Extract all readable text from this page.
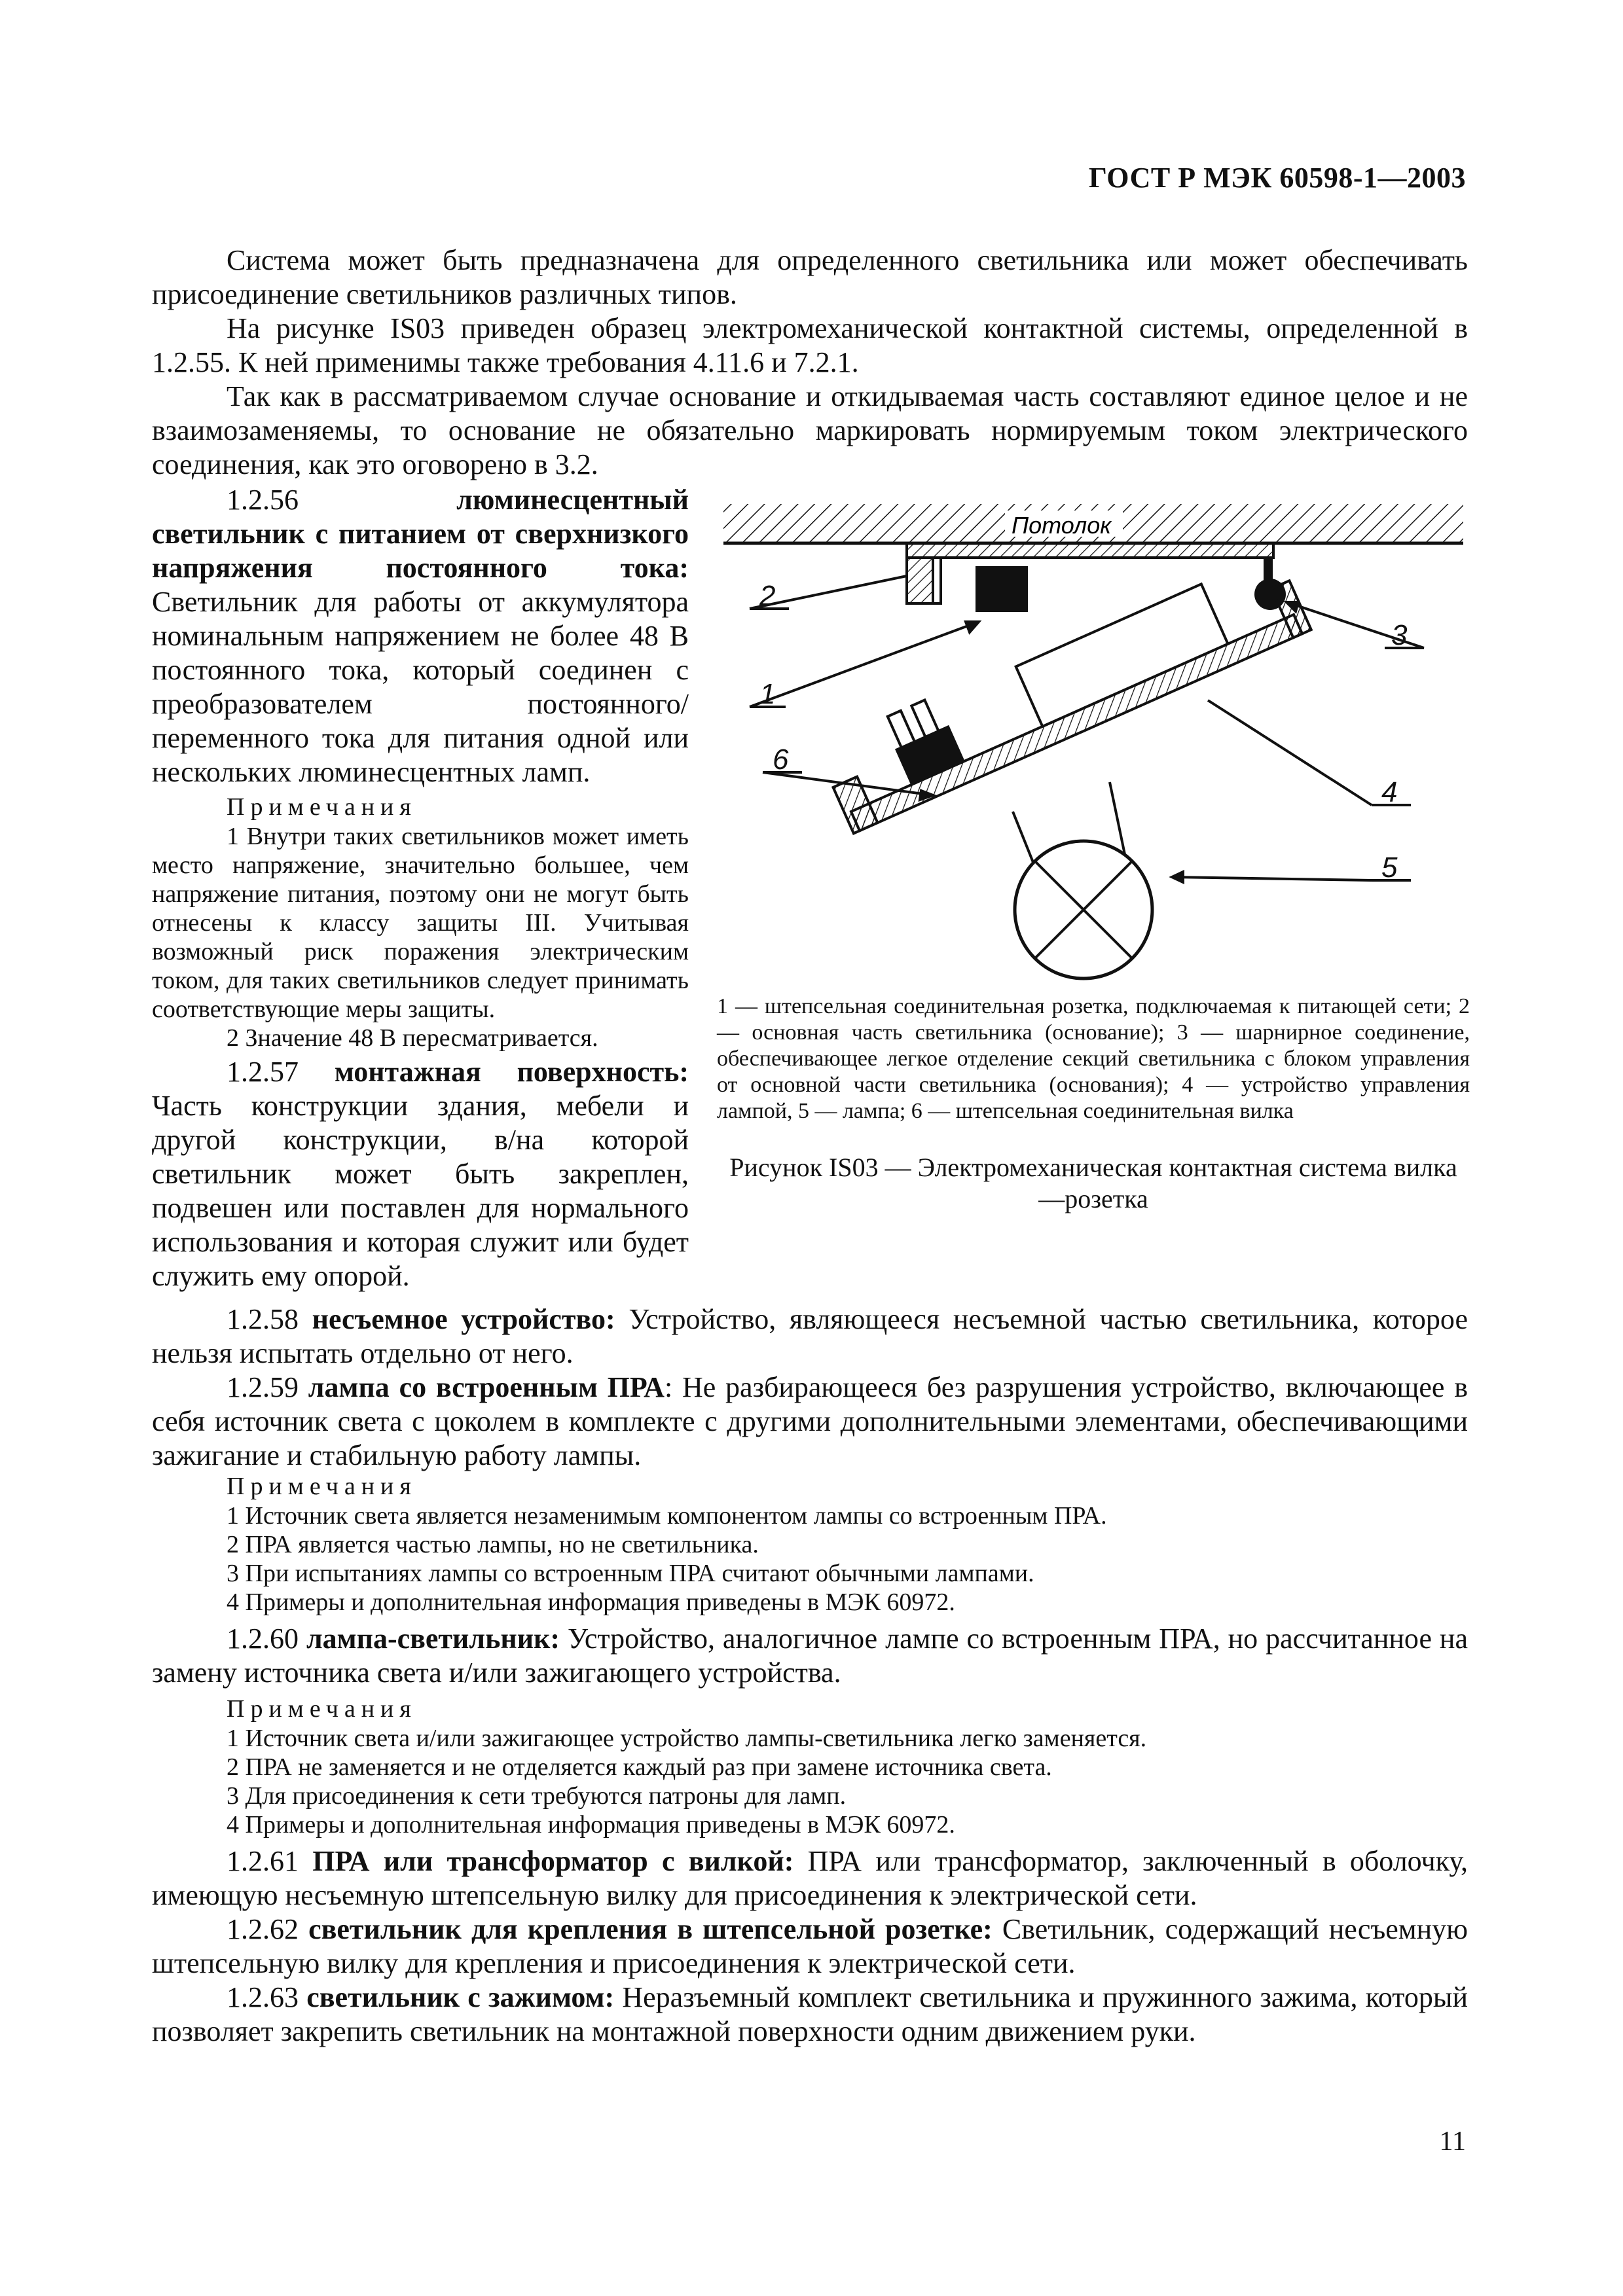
ГОСТ Р МЭК 60598-1—2003

Система может быть предназначена для определенного светильника или может обеспечивать присоединение светильников различных типов.

На рисунке IS03 приведен образец электромеханической контактной системы, определенной в 1.2.55. К ней применимы также требования 4.11.6 и 7.2.1.

Так как в рассматриваемом случае основание и откидываемая часть составляют единое целое и не взаимозаменяемы, то основание не обязательно маркировать нормируемым током электрического соединения, как это оговорено в 3.2.

1.2.56	люминесцентный светильник с питанием от сверхнизкого напряжения постоянного тока: Светильник для работы от аккумулятора номинальным напряжением не более 48 В постоянного тока, который соединен с преобразователем постоянного/переменного тока для питания одной или нескольких люминесцентных ламп.

Примечания

1 Внутри таких светильников может иметь место напряжение, значительно большее, чем напряжение питания, поэтому они не могут быть отнесены к классу защиты III. Учитывая возможный риск поражения электрическим током, для таких светильников следует принимать соответствующие меры защиты.

2 Значение 48 В пересматривается.

1.2.57 монтажная поверхность: Часть конструкции здания, мебели и другой конструкции, в/на которой светильник может быть закреплен, подвешен или поставлен для нормального использования и которая служит или будет служить ему опорой.

Потолок
1
2
3
4
5
6

1 — штепсельная соединительная розетка, подключаемая к питающей сети; 2 — основная часть светильника (основание); 3 — шарнирное соединение, обеспечивающее легкое отделение секций светильника с блоком управления от основной части светильника (основания); 4 — устройство управления лампой, 5 — лампа; 6 — штепсельная соединительная вилка

Рисунок IS03 — Электромеханическая контактная система вилка—розетка

1.2.58 несъемное устройство: Устройство, являющееся несъемной частью светильника, которое нельзя испытать отдельно от него.

1.2.59 лампа со встроенным ПРА: Не разбирающееся без разрушения устройство, включающее в себя источник света с цоколем в комплекте с другими дополнительными элементами, обеспечивающими зажигание и стабильную работу лампы.

Примечания

1 Источник света является незаменимым компонентом лампы со встроенным ПРА.

2 ПРА является частью лампы, но не светильника.

3 При испытаниях лампы со встроенным ПРА считают обычными лампами.

4 Примеры и дополнительная информация приведены в МЭК 60972.

1.2.60 лампа-светильник: Устройство, аналогичное лампе со встроенным ПРА, но рассчитанное на замену источника света и/или зажигающего устройства.

Примечания

1 Источник света и/или зажигающее устройство лампы-светильника легко заменяется.

2 ПРА не заменяется и не отделяется каждый раз при замене источника света.

3 Для присоединения к сети требуются патроны для ламп.

4 Примеры и дополнительная информация приведены в МЭК 60972.

1.2.61 ПРА или трансформатор с вилкой: ПРА или трансформатор, заключенный в оболочку, имеющую несъемную штепсельную вилку для присоединения к электрической сети.

1.2.62 светильник для крепления в штепсельной розетке: Светильник, содержащий несъемную штепсельную вилку для крепления и присоединения к электрической сети.

1.2.63 светильник с зажимом: Неразъемный комплект светильника и пружинного зажима, который позволяет закрепить светильник на монтажной поверхности одним движением руки.

11
